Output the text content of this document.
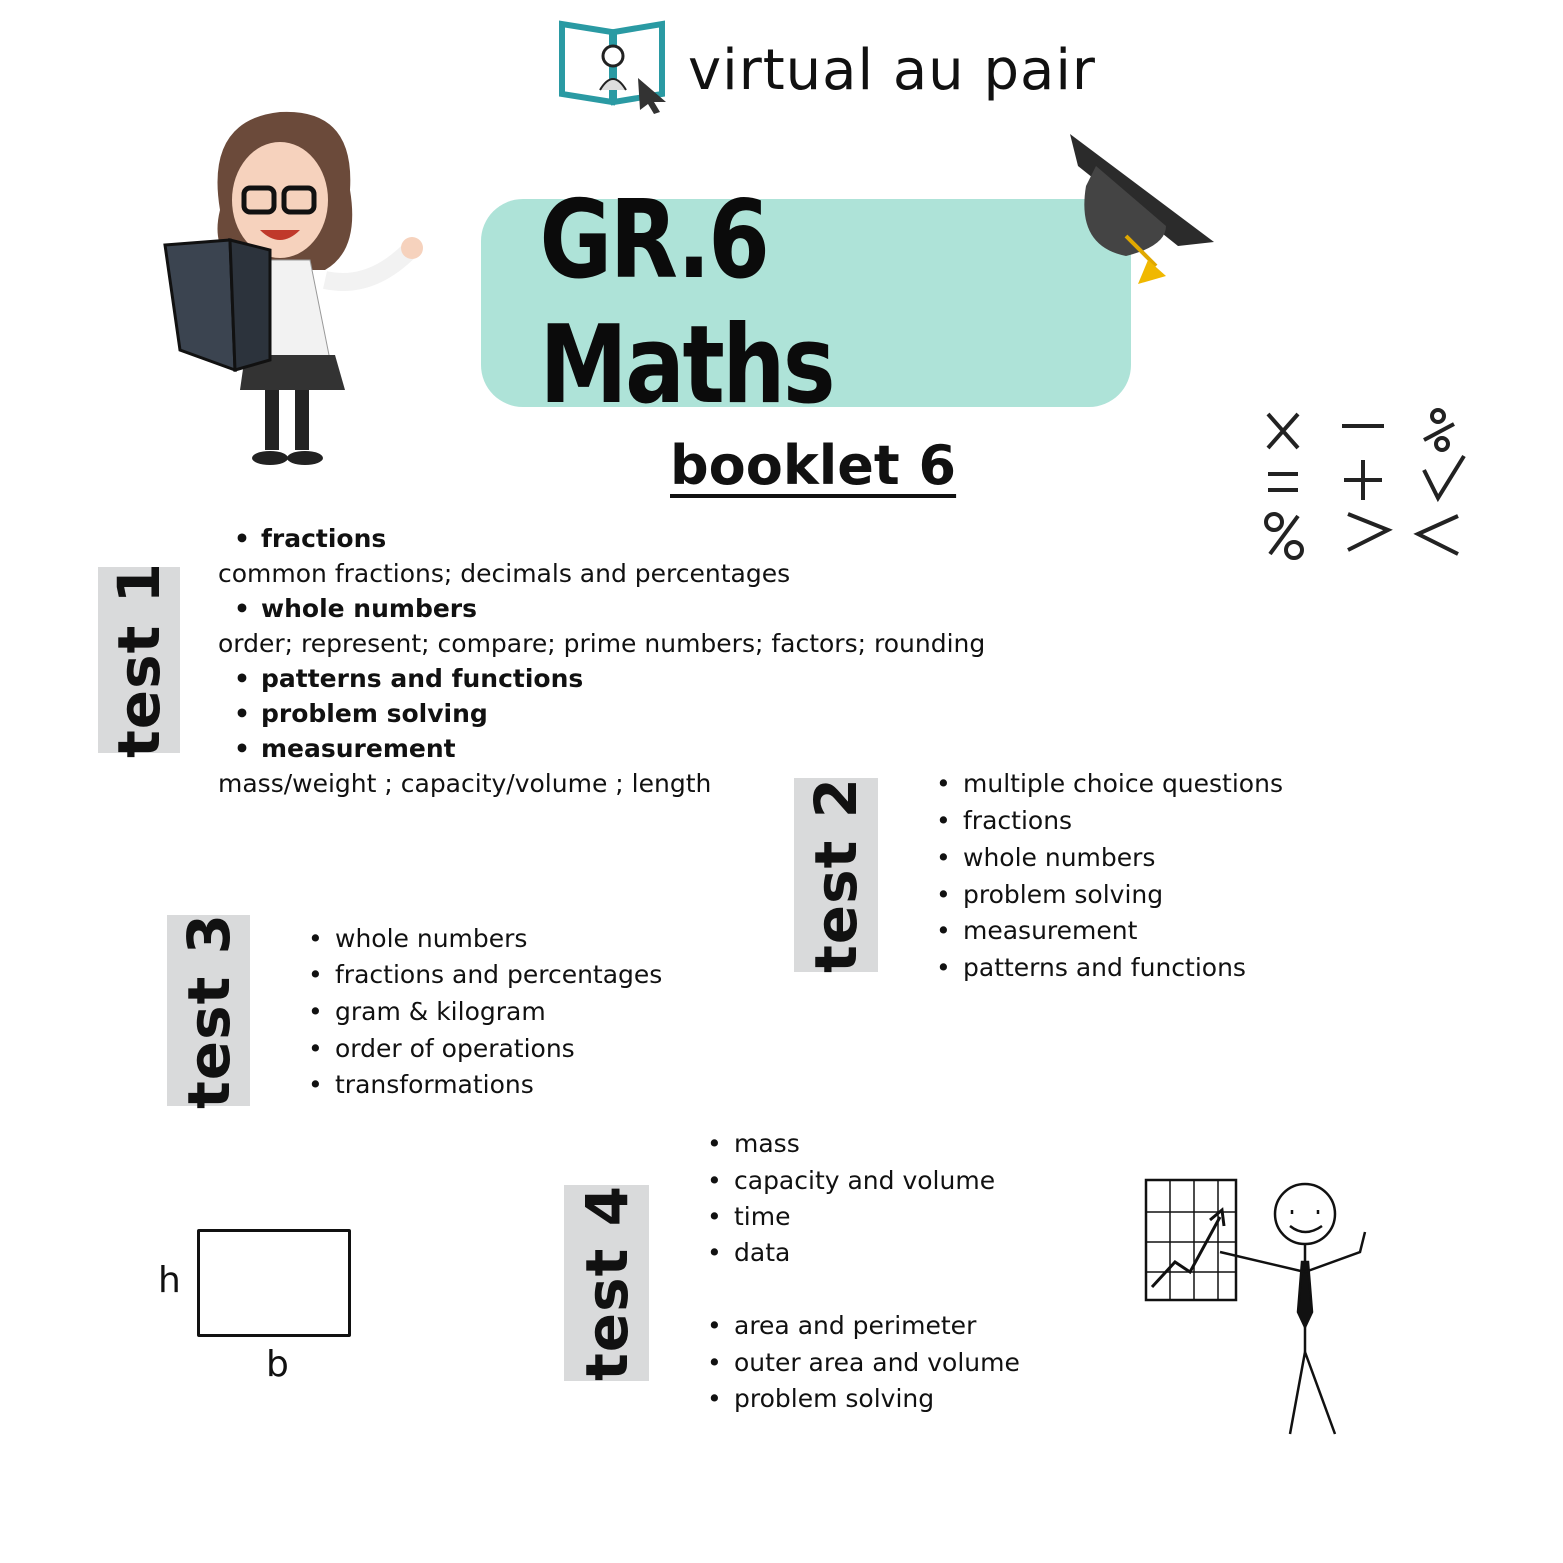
virtual au pair
GR.6 Maths
booklet 6
test 1
• fractions
common fractions; decimals and percentages
• whole numbers
order; represent; compare; prime numbers; factors; rounding
• patterns and functions
• problem solving
• measurement
mass/weight ; capacity/volume ; length test 2	• multiple choice questions
• fractions
• whole numbers
• problem solving
• measurement
• patterns and functions
test 3	• whole numbers
• fractions and percentages
• gram & kilogram
• order of operations
• transformations
test 4
• mass
• capacity and volume
• time
• data
• area and perimeter
• outer area and volume
• problem solving
h
b
